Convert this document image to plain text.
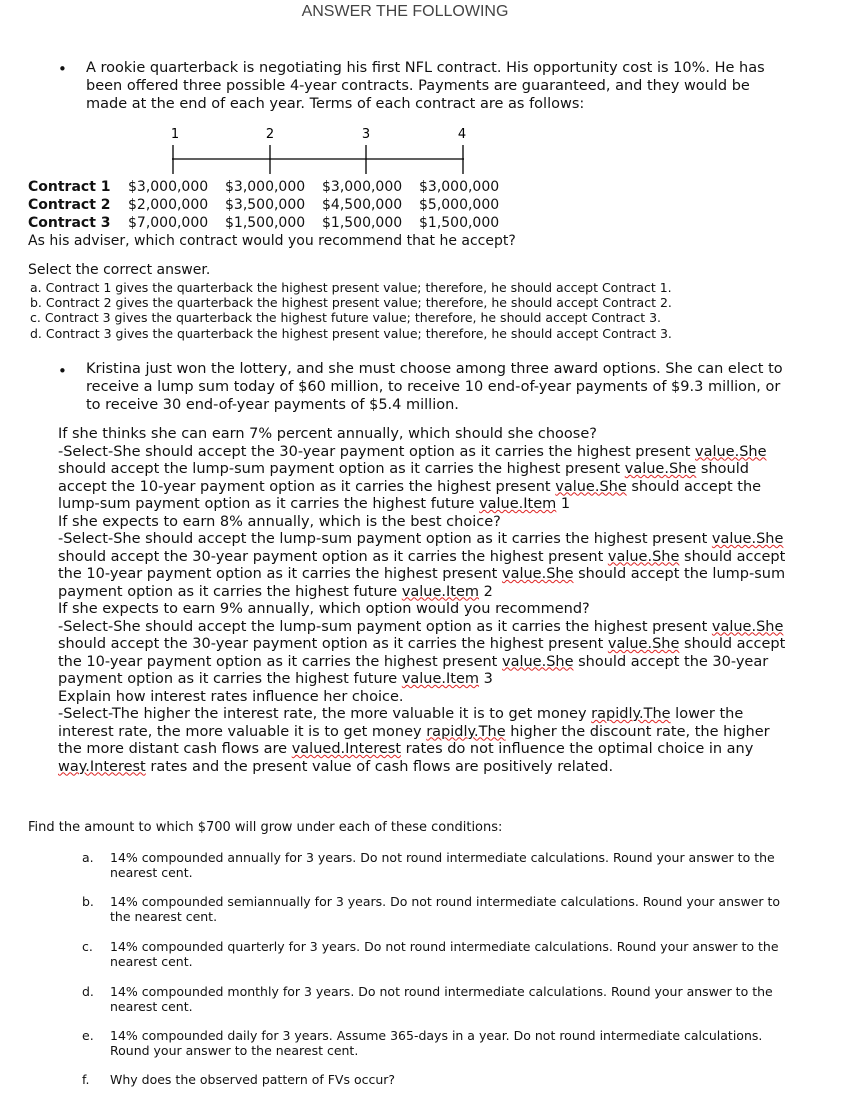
ANSWER THE FOLLOWING
• A rookie quarterback is negotiating his first NFL contract. His opportunity cost is 10%. He has been offered three possible 4-year contracts. Payments are guaranteed, and they would be made at the end of each year. Terms of each contract are as follows:
1	2	3	4
Contract 1 $3,000,000 $3,000,000 $3,000,000 $3,000,000
Contract 2 $2,000,000 $3,500,000 $4,500,000 $5,000,000
Contract 3 $7,000,000 $1,500,000 $1,500,000 $1,500,000
As his adviser, which contract would you recommend that he accept?
Select the correct answer.
a. Contract 1 gives the quarterback the highest present value; therefore, he should accept Contract 1.
b. Contract 2 gives the quarterback the highest present value; therefore, he should accept Contract 2.
c. Contract 3 gives the quarterback the highest future value; therefore, he should accept Contract 3.
d. Contract 3 gives the quarterback the highest present value; therefore, he should accept Contract 3.
• Kristina just won the lottery, and she must choose among three award options. She can elect to receive a lump sum today of $60 million, to receive 10 end-of-year payments of $9.3 million, or to receive 30 end-of-year payments of $5.4 million.

If she thinks she can earn 7% percent annually, which should she choose?

-Select-She should accept the 30-year payment option as it carries the highest present value.She should accept the lump-sum payment option as it carries the highest present value.She should accept the 10-year payment option as it carries the highest present value.She should accept the lump-sum payment option as it carries the highest future value.Item 1

If she expects to earn 8% annually, which is the best choice?

-Select-She should accept the lump-sum payment option as it carries the highest present value.She should accept the 30-year payment option as it carries the highest present value.She should accept the 10-year payment option as it carries the highest present value.She should accept the lump-sum payment option as it carries the highest future value.Item 2

If she expects to earn 9% annually, which option would you recommend?

-Select-She should accept the lump-sum payment option as it carries the highest present value.She should accept the 30-year payment option as it carries the highest present value.She should accept the 10-year payment option as it carries the highest present value.She should accept the 30-year payment option as it carries the highest future value.Item 3

Explain how interest rates influence her choice.

-Select-The higher the interest rate, the more valuable it is to get money rapidly.The lower the interest rate, the more valuable it is to get money rapidly.The higher the discount rate, the higher the more distant cash flows are valued.Interest rates do not influence the optimal choice in any way.Interest rates and the present value of cash flows are positively related.

Find the amount to which $700 will grow under each of these conditions:
a. 14% compounded annually for 3 years. Do not round intermediate calculations. Round your answer to the nearest cent.
b. 14% compounded semiannually for 3 years. Do not round intermediate calculations. Round your answer to the nearest cent.
c. 14% compounded quarterly for 3 years. Do not round intermediate calculations. Round your answer to the nearest cent.
d. 14% compounded monthly for 3 years. Do not round intermediate calculations. Round your answer to the nearest cent.
e. 14% compounded daily for 3 years. Assume 365-days in a year. Do not round intermediate calculations. Round your answer to the nearest cent.
f. Why does the observed pattern of FVs occur?
